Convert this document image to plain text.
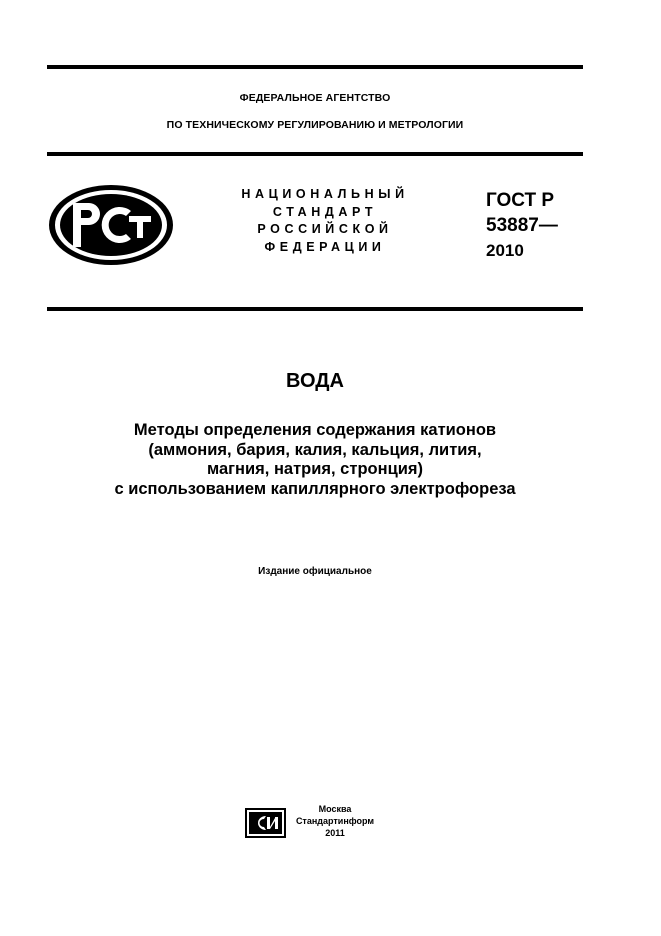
ФЕДЕРАЛЬНОЕ АГЕНТСТВО
ПО ТЕХНИЧЕСКОМУ РЕГУЛИРОВАНИЮ И МЕТРОЛОГИИ
НАЦИОНАЛЬНЫЙ
СТАНДАРТ
РОССИЙСКОЙ
ФЕДЕРАЦИИ
ГОСТ Р
53887—
2010
ВОДА
Методы определения содержания катионов
(аммония, бария, калия, кальция, лития,
магния, натрия, стронция)
с использованием капиллярного электрофореза
Издание официальное
Москва
Стандартинформ
2011
